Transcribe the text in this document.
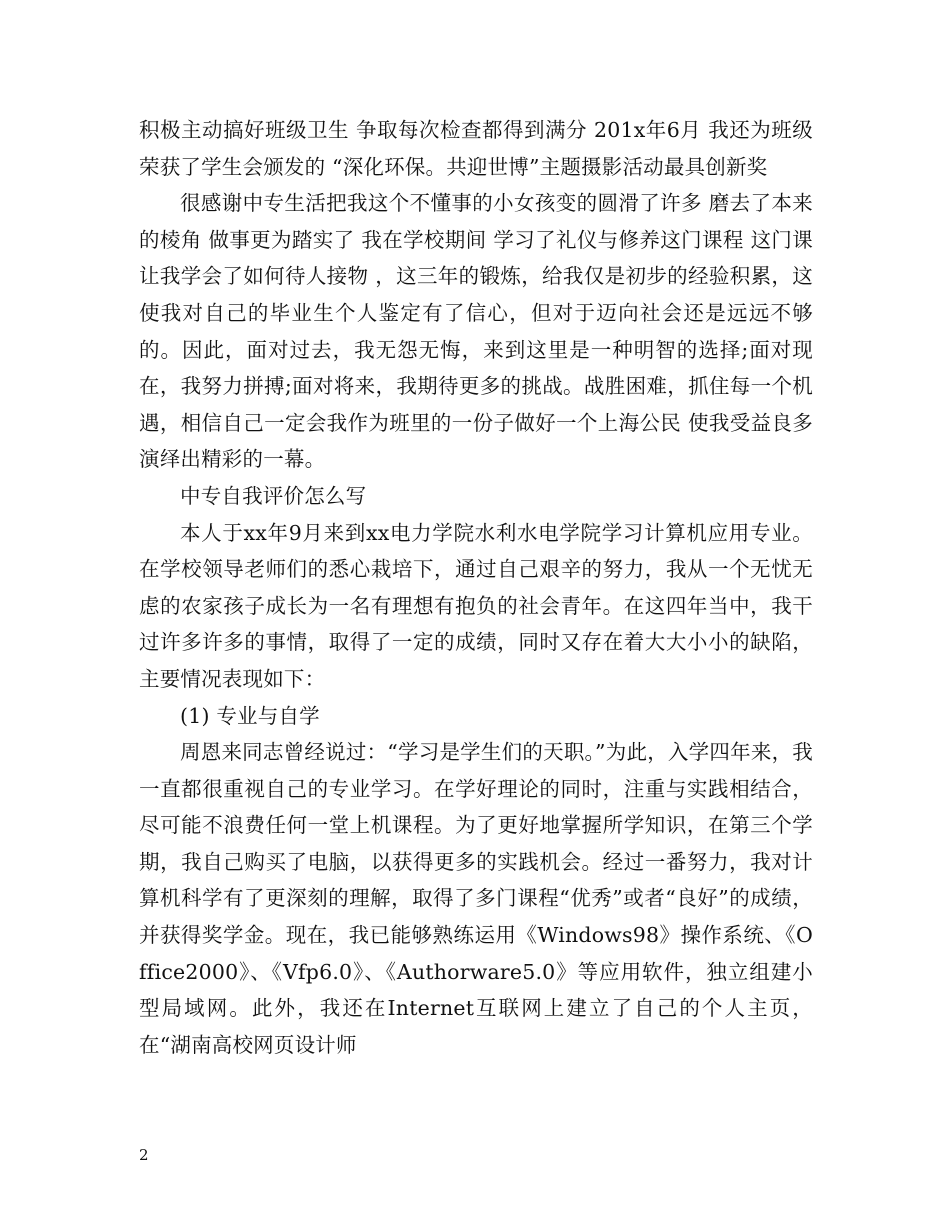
积极主动搞好班级卫生 争取每次检查都得到满分 201x年6月 我还为班级荣获了学生会颁发的 “深化环保。共迎世博”主题摄影活动最具创新奖

很感谢中专生活把我这个不懂事的小女孩变的圆滑了许多 磨去了本来的棱角 做事更为踏实了 我在学校期间 学习了礼仪与修养这门课程 这门课让我学会了如何待人接物 ，这三年的锻炼，给我仅是初步的经验积累，这使我对自己的毕业生个人鉴定有了信心，但对于迈向社会还是远远不够的。因此，面对过去，我无怨无悔，来到这里是一种明智的选择;面对现在，我努力拼搏;面对将来，我期待更多的挑战。战胜困难，抓住每一个机遇，相信自己一定会我作为班里的一份子做好一个上海公民 使我受益良多演绎出精彩的一幕。

中专自我评价怎么写

本人于xx年9月来到xx电力学院水利水电学院学习计算机应用专业。在学校领导老师们的悉心栽培下，通过自己艰辛的努力，我从一个无忧无虑的农家孩子成长为一名有理想有抱负的社会青年。在这四年当中，我干过许多许多的事情，取得了一定的成绩，同时又存在着大大小小的缺陷，主要情况表现如下：

(1) 专业与自学

周恩来同志曾经说过：“学习是学生们的天职。”为此，入学四年来，我一直都很重视自己的专业学习。在学好理论的同时，注重与实践相结合，尽可能不浪费任何一堂上机课程。为了更好地掌握所学知识，在第三个学期，我自己购买了电脑，以获得更多的实践机会。经过一番努力，我对计算机科学有了更深刻的理解，取得了多门课程“优秀”或者“良好”的成绩，并获得奖学金。现在，我已能够熟练运用《Windows98》操作系统、《Office2000》、《Vfp6.0》、《Authorware5.0》等应用软件，独立组建小型局域网。此外，我还在Internet互联网上建立了自己的个人主页，在“湖南高校网页设计师

2
